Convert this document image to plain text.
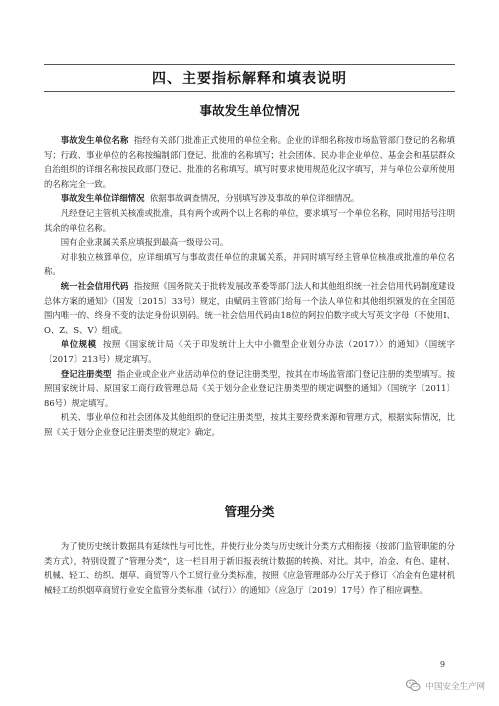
四、主要指标解释和填表说明
事故发生单位情况

事故发生单位名称 指经有关部门批准正式使用的单位全称。企业的详细名称按市场监管部门登记的名称填写；行政、事业单位的名称按编制部门登记、批准的名称填写；社会团体、民办非企业单位、基金会和基层群众自治组织的详细名称按民政部门登记、批准的名称填写。填写时要求使用规范化汉字填写，并与单位公章所使用的名称完全一致。

事故发生单位详细情况 依据事故调查情况，分别填写涉及事故的单位详细情况。

凡经登记主管机关核准或批准，具有两个或两个以上名称的单位，要求填写一个单位名称，同时用括号注明其余的单位名称。

国有企业隶属关系应填报到最高一级母公司。

对非独立核算单位，应详细填写与事故责任单位的隶属关系，并同时填写经主管单位核准或批准的单位名称。

统一社会信用代码 指按照《国务院关于批转发展改革委等部门法人和其他组织统一社会信用代码制度建设总体方案的通知》（国发〔2015〕33号）规定，由赋码主管部门给每一个法人单位和其他组织颁发的在全国范围内唯一的、终身不变的法定身份识别码。统一社会信用代码由18位的阿拉伯数字或大写英文字母（不使用I、O、Z、S、V）组成。

单位规模 按照《国家统计局〈关于印发统计上大中小微型企业划分办法（2017）〉的通知》（国统字〔2017〕213号）规定填写。

登记注册类型 指企业或企业产业活动单位的登记注册类型，按其在市场监管部门登记注册的类型填写。按照国家统计局、原国家工商行政管理总局《关于划分企业登记注册类型的规定调整的通知》（国统字〔2011〕86号）规定填写。

机关、事业单位和社会团体及其他组织的登记注册类型，按其主要经费来源和管理方式，根据实际情况，比照《关于划分企业登记注册类型的规定》确定。

管理分类

为了使历史统计数据具有延续性与可比性，并使行业分类与历史统计分类方式相衔接（按部门监管职能的分类方式），特别设置了“管理分类”，这一栏目用于新旧报表统计数据的转换、对比。其中，冶金、有色、建材、机械、轻工、纺织、烟草、商贸等八个工贸行业分类标准，按照《应急管理部办公厅关于修订〈冶金有色建材机械轻工纺织烟草商贸行业安全监管分类标准（试行）〉的通知》（应急厅〔2019〕17号）作了相应调整。

9
中国安全生产网
